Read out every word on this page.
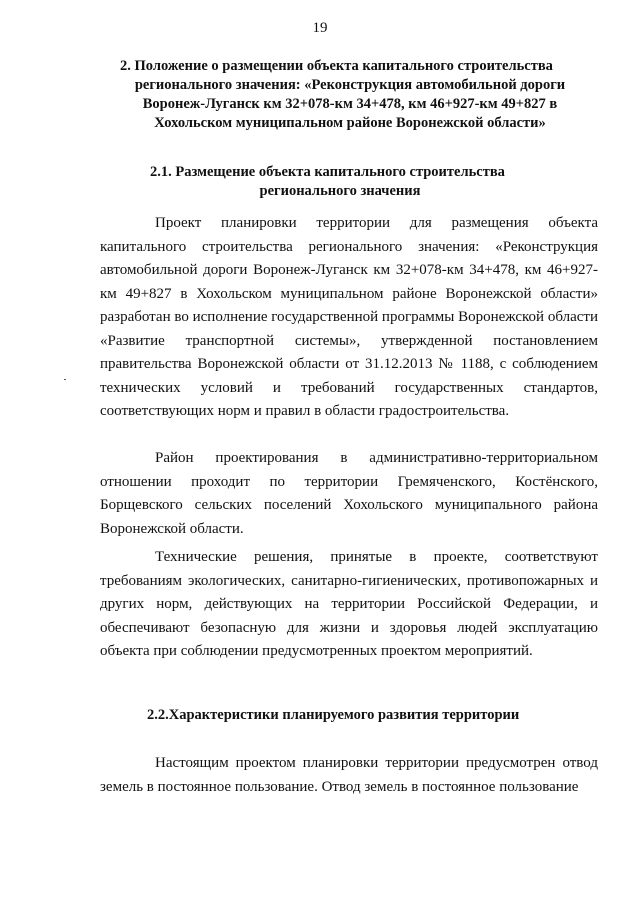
19
2. Положение о размещении объекта капитального строительства
регионального значения: «Реконструкция автомобильной дороги Воронеж-Луганск км 32+078-км 34+478, км 46+927-км 49+827 в Хохольском муниципальном районе Воронежской области»
2.1. Размещение объекта капитального строительства
регионального значения

Проект планировки территории для размещения объекта капитального строительства регионального значения: «Реконструкция автомобильной дороги Воронеж-Луганск км 32+078-км 34+478, км 46+927-км 49+827 в Хохольском муниципальном районе Воронежской области» разработан во исполнение государственной программы Воронежской области «Развитие транспортной системы», утвержденной постановлением правительства Воронежской области от 31.12.2013 № 1188, с соблюдением технических условий и требований государственных стандартов, соответствующих норм и правил в области градостроительства.

Район проектирования в административно-территориальном отношении проходит по территории Гремяченского, Костёнского, Борщевского сельских поселений Хохольского муниципального района Воронежской области.

Технические решения, принятые в проекте, соответствуют требованиям экологических, санитарно-гигиенических, противопожарных и других норм, действующих на территории Российской Федерации, и обеспечивают безопасную для жизни и здоровья людей эксплуатацию объекта при соблюдении предусмотренных проектом мероприятий.

2.2.Характеристики планируемого развития территории

Настоящим проектом планировки территории предусмотрен отвод земель в постоянное пользование. Отвод земель в постоянное пользование
